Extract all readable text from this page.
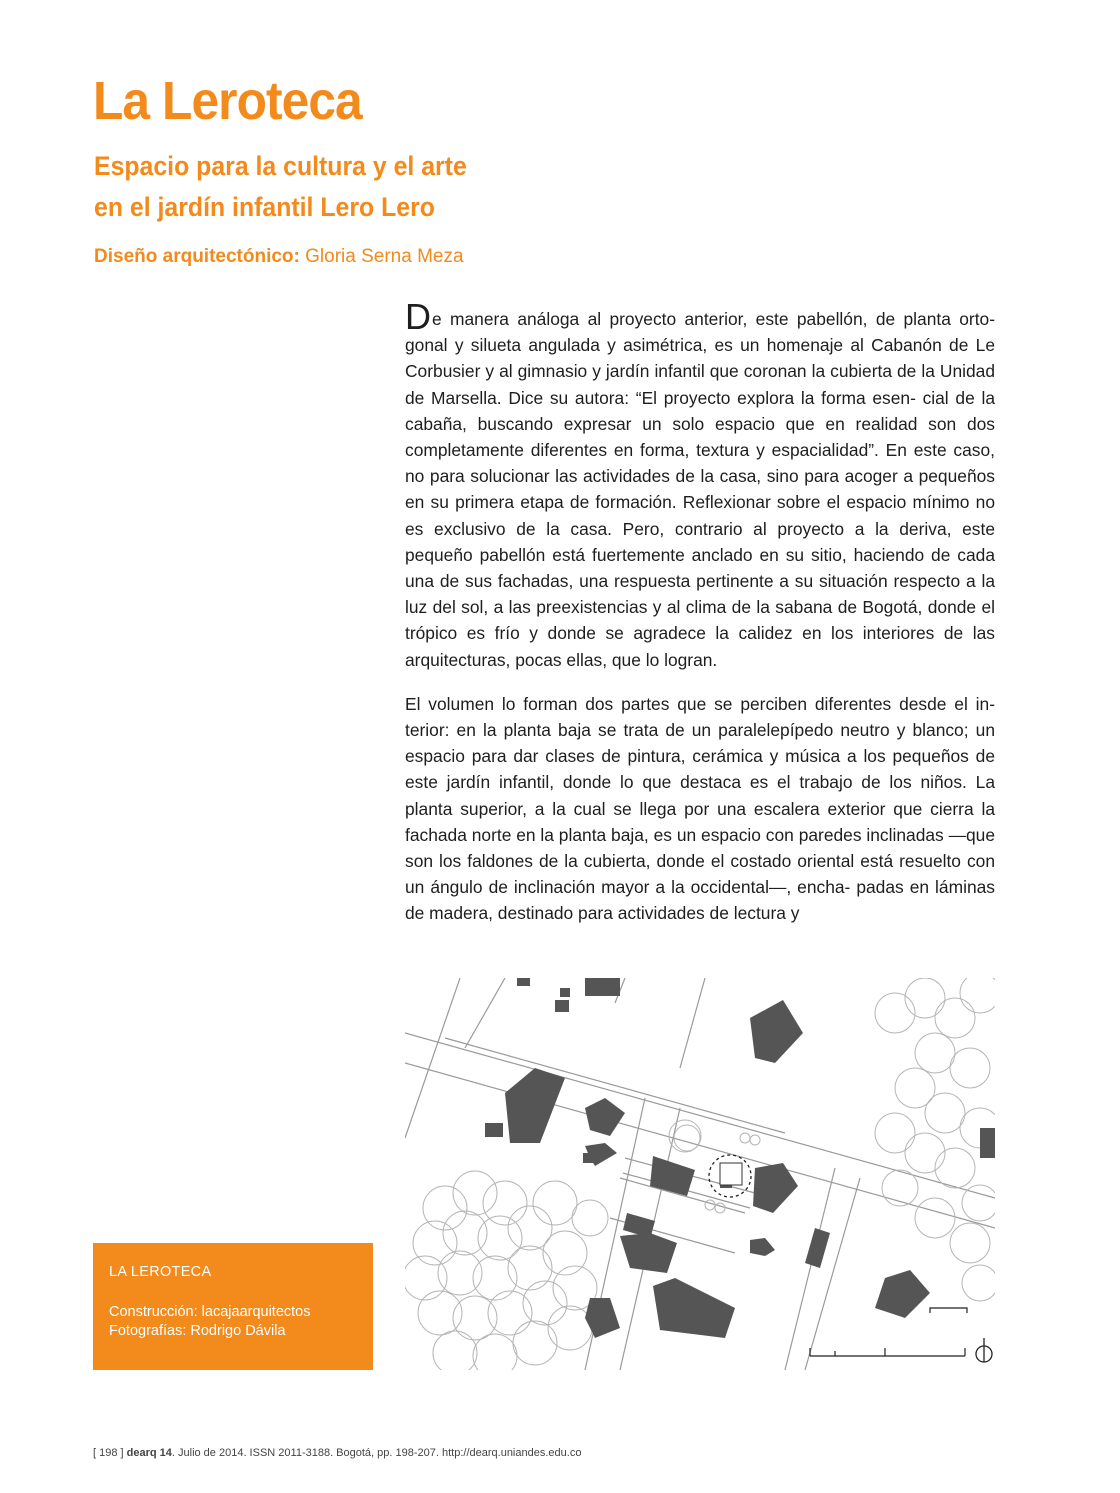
La Leroteca
Espacio para la cultura y el arte
en el jardín infantil Lero Lero

Diseño arquitectónico: Gloria Serna Meza

De manera análoga al proyecto anterior, este pabellón, de planta orto- gonal y silueta angulada y asimétrica, es un homenaje al Cabanón de Le Corbusier y al gimnasio y jardín infantil que coronan la cubierta de la Unidad de Marsella. Dice su autora: “El proyecto explora la forma esen- cial de la cabaña, buscando expresar un solo espacio que en realidad son dos completamente diferentes en forma, textura y espacialidad”. En este caso, no para solucionar las actividades de la casa, sino para acoger a pequeños en su primera etapa de formación. Reflexionar sobre el espacio mínimo no es exclusivo de la casa. Pero, contrario al proyecto a la deriva, este pequeño pabellón está fuertemente anclado en su sitio, haciendo de cada una de sus fachadas, una respuesta pertinente a su situación respecto a la luz del sol, a las preexistencias y al clima de la sabana de Bogotá, donde el trópico es frío y donde se agradece la calidez en los interiores de las arquitecturas, pocas ellas, que lo logran.

El volumen lo forman dos partes que se perciben diferentes desde el in- terior: en la planta baja se trata de un paralelepípedo neutro y blanco; un espacio para dar clases de pintura, cerámica y música a los pequeños de este jardín infantil, donde lo que destaca es el trabajo de los niños. La planta superior, a la cual se llega por una escalera exterior que cierra la fachada norte en la planta baja, es un espacio con paredes inclinadas —que son los faldones de la cubierta, donde el costado oriental está resuelto con un ángulo de inclinación mayor a la occidental—, encha- padas en láminas de madera, destinado para actividades de lectura y

LA LEROTECA
Construcción: lacajaarquitectos
Fotografías: Rodrigo Dávila
[ 198 ] dearq 14. Julio de 2014. ISSN 2011-3188. Bogotá, pp. 198-207. http://dearq.uniandes.edu.co
